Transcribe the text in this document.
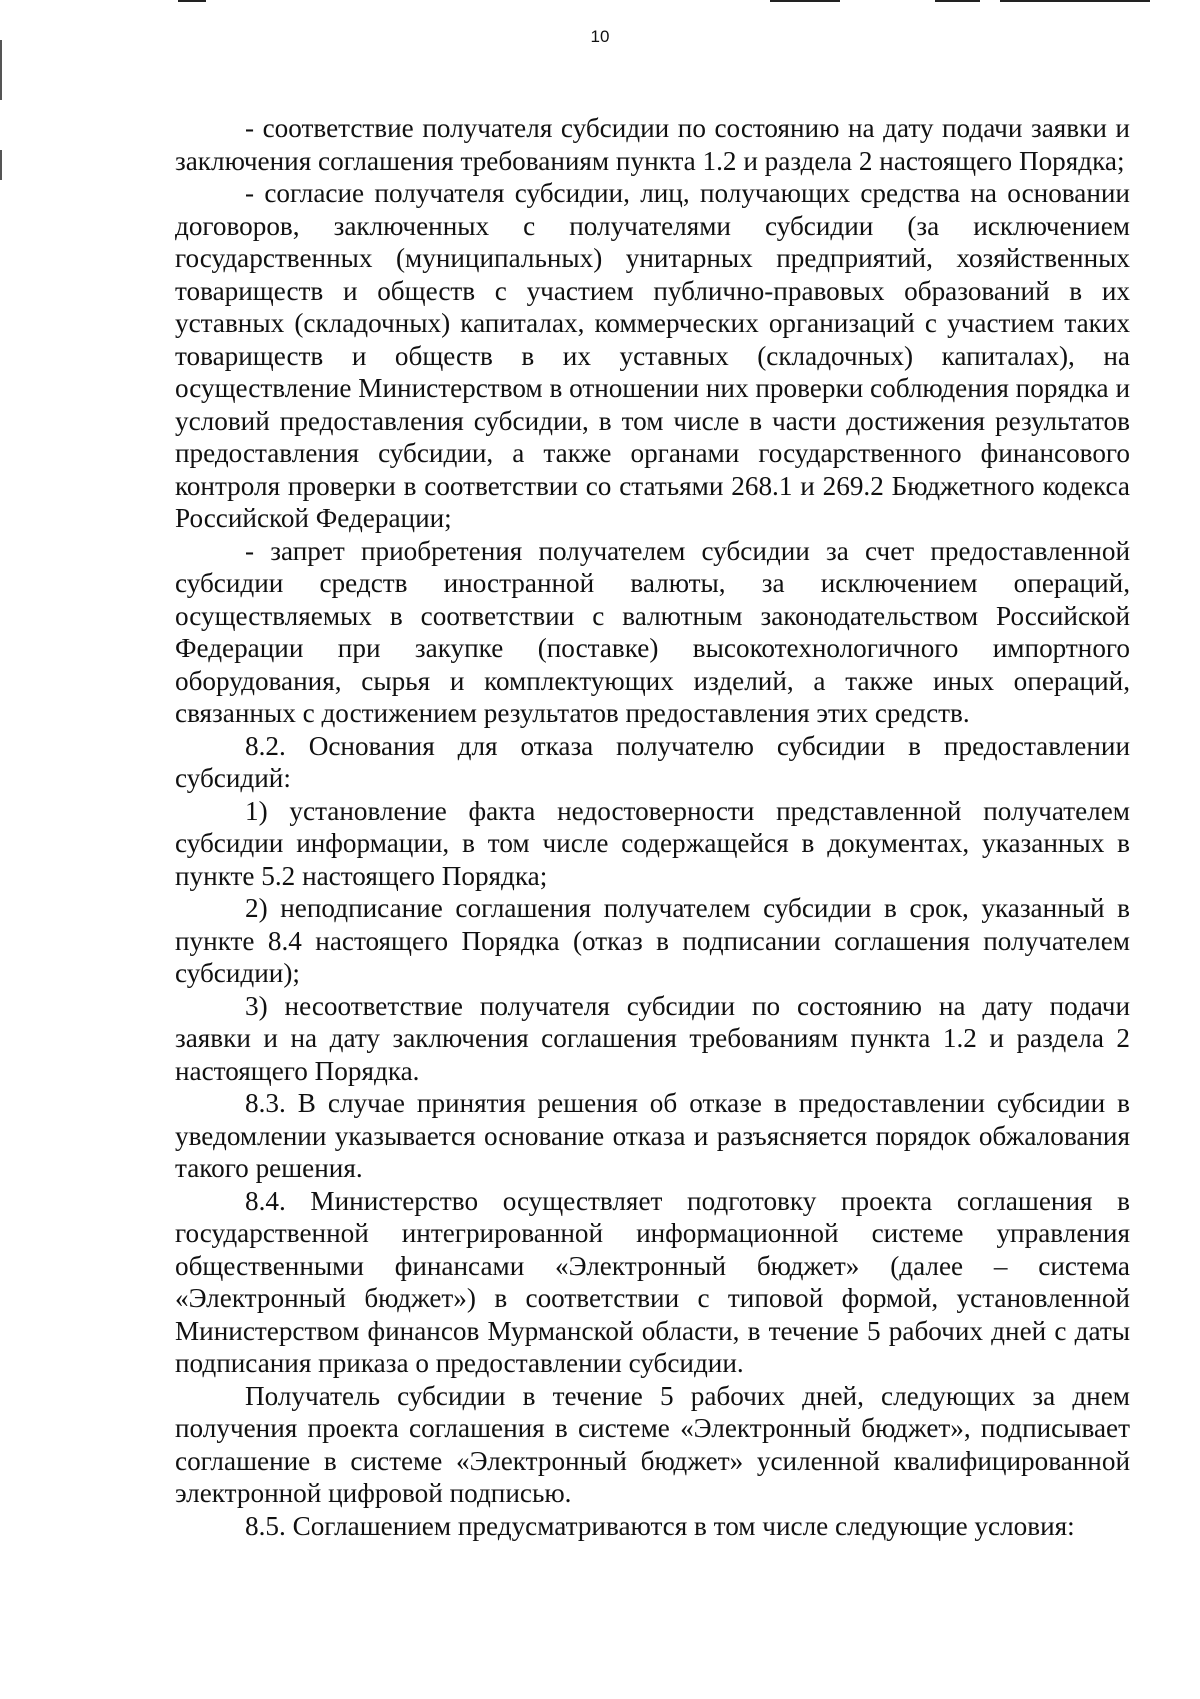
10

- соответствие получателя субсидии по состоянию на дату подачи заявки и заключения соглашения требованиям пункта 1.2 и раздела 2 настоящего Порядка;

- согласие получателя субсидии, лиц, получающих средства на основании договоров, заключенных с получателями субсидии (за исключением государственных (муниципальных) унитарных предприятий, хозяйственных товариществ и обществ с участием публично-правовых образований в их уставных (складочных) капиталах, коммерческих организаций с участием таких товариществ и обществ в их уставных (складочных) капиталах), на осуществление Министерством в отношении них проверки соблюдения порядка и условий предоставления субсидии, в том числе в части достижения результатов предоставления субсидии, а также органами государственного финансового контроля проверки в соответствии со статьями 268.1 и 269.2 Бюджетного кодекса Российской Федерации;

- запрет приобретения получателем субсидии за счет предоставленной субсидии средств иностранной валюты, за исключением операций, осуществляемых в соответствии с валютным законодательством Российской Федерации при закупке (поставке) высокотехнологичного импортного оборудования, сырья и комплектующих изделий, а также иных операций, связанных с достижением результатов предоставления этих средств.

8.2. Основания для отказа получателю субсидии в предоставлении субсидий:

1) установление факта недостоверности представленной получателем субсидии информации, в том числе содержащейся в документах, указанных в пункте 5.2 настоящего Порядка;

2) неподписание соглашения получателем субсидии в срок, указанный в пункте 8.4 настоящего Порядка (отказ в подписании соглашения получателем субсидии);

3) несоответствие получателя субсидии по состоянию на дату подачи заявки и на дату заключения соглашения требованиям пункта 1.2 и раздела 2 настоящего Порядка.

8.3. В случае принятия решения об отказе в предоставлении субсидии в уведомлении указывается основание отказа и разъясняется порядок обжалования такого решения.

8.4. Министерство осуществляет подготовку проекта соглашения в государственной интегрированной информационной системе управления общественными финансами «Электронный бюджет» (далее – система «Электронный бюджет») в соответствии с типовой формой, установленной Министерством финансов Мурманской области, в течение 5 рабочих дней с даты подписания приказа о предоставлении субсидии.

Получатель субсидии в течение 5 рабочих дней, следующих за днем получения проекта соглашения в системе «Электронный бюджет», подписывает соглашение в системе «Электронный бюджет» усиленной квалифицированной электронной цифровой подписью.

8.5. Соглашением предусматриваются в том числе следующие условия:
